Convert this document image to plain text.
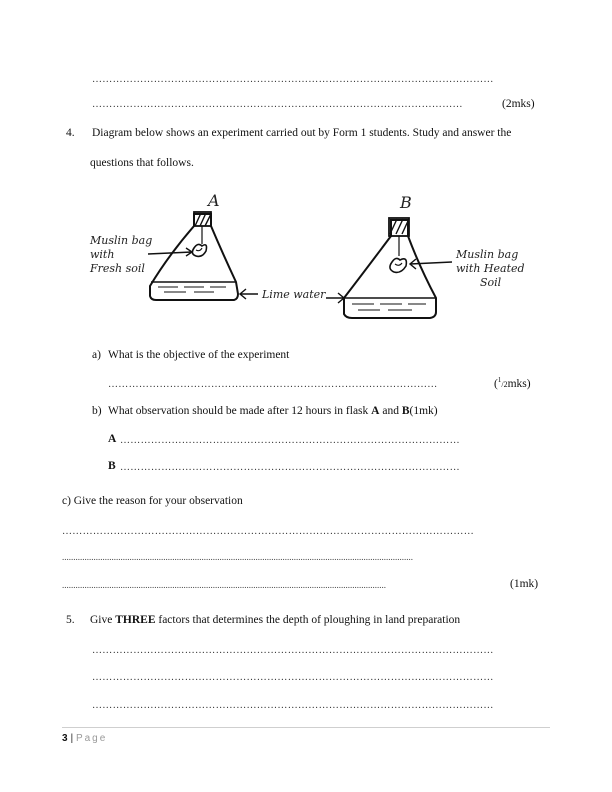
………………………………………………………………………………………………………
………………………………………………………………………………………………	(2mks)
4. Diagram below shows an experiment carried out by Form 1 students. Study and answer the
questions that follows.
A	B
Muslin bag
with
Fresh soil
Lime water
Muslin bag
with Heated
Soil
a) What is the objective of the experiment
……………………………………………………………………………………	($^1$/2mks)
b) What observation should be made after 12 hours in flask A and B(1mk)
A ………………………………………………………………………………………
B ………………………………………………………………………………………
c) Give the reason for your observation
…………………………………………………………………………………………………………
............................................................................................................................................................
................................................................................................................................................	(1mk)
5. Give THREE factors that determines the depth of ploughing in land preparation
………………………………………………………………………………………………………
………………………………………………………………………………………………………
………………………………………………………………………………………………………
3 | Page
